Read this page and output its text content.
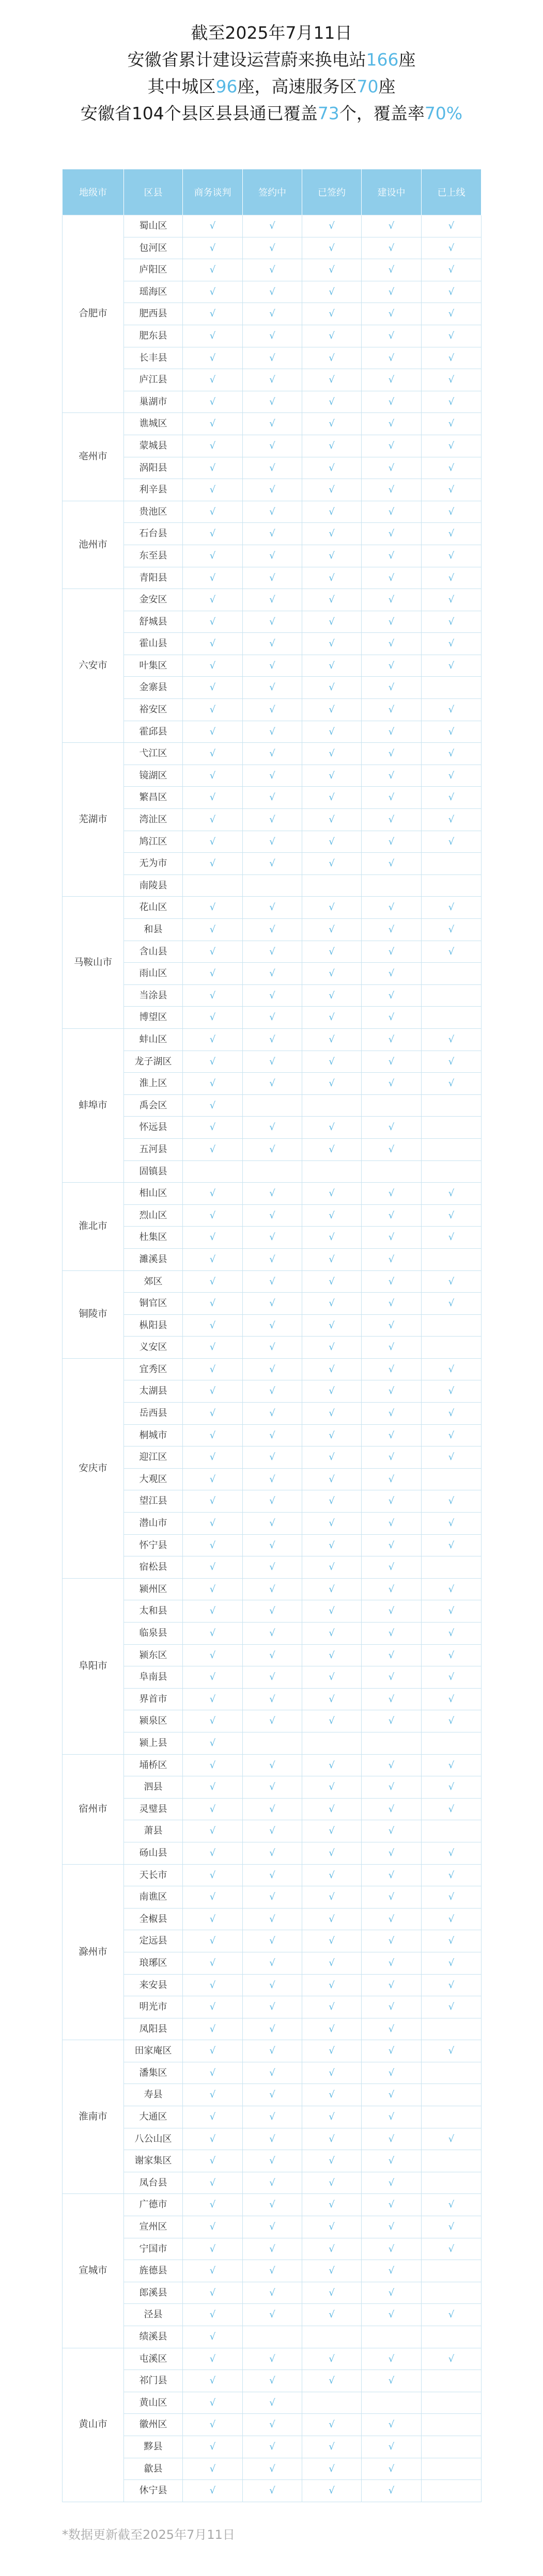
截至2025年7月11日
安徽省累计建设运营蔚来换电站166座
其中城区96座，高速服务区70座
安徽省104个县区县县通已覆盖73个，覆盖率70%
地级市	区县	商务谈判	签约中	已签约	建设中	已上线
合肥市	蜀山区	√	√	√	√	√
	包河区	√	√	√	√	√
	庐阳区	√	√	√	√	√
	瑶海区	√	√	√	√	√
	肥西县	√	√	√	√	√
	肥东县	√	√	√	√	√
	长丰县	√	√	√	√	√
	庐江县	√	√	√	√	√
	巢湖市	√	√	√	√	√
亳州市	谯城区	√	√	√	√	√
	蒙城县	√	√	√	√	√
	涡阳县	√	√	√	√	√
	利辛县	√	√	√	√	√
池州市	贵池区	√	√	√	√	√
	石台县	√	√	√	√	√
	东至县	√	√	√	√	√
	青阳县	√	√	√	√	√
六安市	金安区	√	√	√	√	√
	舒城县	√	√	√	√	√
	霍山县	√	√	√	√	√
	叶集区	√	√	√	√	√
	金寨县	√	√	√	√	
	裕安区	√	√	√	√	√
	霍邱县	√	√	√	√	√
芜湖市	弋江区	√	√	√	√	√
	镜湖区	√	√	√	√	√
	繁昌区	√	√	√	√	√
	湾沚区	√	√	√	√	√
	鸠江区	√	√	√	√	√
	无为市	√	√	√	√	
	南陵县					
马鞍山市	花山区	√	√	√	√	√
	和县	√	√	√	√	√
	含山县	√	√	√	√	√
	雨山区	√	√	√	√	
	当涂县	√	√	√	√	
	博望区	√	√	√	√	
蚌埠市	蚌山区	√	√	√	√	√
	龙子湖区	√	√	√	√	√
	淮上区	√	√	√	√	√
	禹会区	√				
	怀远县	√	√	√	√	
	五河县	√	√	√	√	
	固镇县					
淮北市	相山区	√	√	√	√	√
	烈山区	√	√	√	√	√
	杜集区	√	√	√	√	√
	濉溪县	√	√	√	√	
铜陵市	郊区	√	√	√	√	√
	铜官区	√	√	√	√	√
	枞阳县	√	√	√	√	
	义安区	√	√	√	√	
安庆市	宜秀区	√	√	√	√	√
	太湖县	√	√	√	√	√
	岳西县	√	√	√	√	√
	桐城市	√	√	√	√	√
	迎江区	√	√	√	√	√
	大观区	√	√	√	√	
	望江县	√	√	√	√	√
	潜山市	√	√	√	√	√
	怀宁县	√	√	√	√	√
	宿松县	√	√	√	√	
阜阳市	颍州区	√	√	√	√	√
	太和县	√	√	√	√	√
	临泉县	√	√	√	√	√
	颍东区	√	√	√	√	√
	阜南县	√	√	√	√	√
	界首市	√	√	√	√	√
	颍泉区	√	√	√	√	√
	颍上县	√				
宿州市	埇桥区	√	√	√	√	√
	泗县	√	√	√	√	√
	灵璧县	√	√	√	√	√
	萧县	√	√	√	√	
	砀山县	√	√	√	√	√
滁州市	天长市	√	√	√	√	√
	南谯区	√	√	√	√	√
	全椒县	√	√	√	√	√
	定远县	√	√	√	√	√
	琅琊区	√	√	√	√	√
	来安县	√	√	√	√	√
	明光市	√	√	√	√	√
	凤阳县	√	√	√	√	
淮南市	田家庵区	√	√	√	√	√
	潘集区	√	√	√	√	
	寿县	√	√	√	√	
	大通区	√	√	√	√	
	八公山区	√	√	√	√	√
	谢家集区	√	√	√	√	
	凤台县	√	√	√	√	
宣城市	广德市	√	√	√	√	√
	宣州区	√	√	√	√	√
	宁国市	√	√	√	√	√
	旌德县	√	√	√	√	
	郎溪县	√	√	√	√	
	泾县	√	√	√	√	√
	绩溪县	√				
黄山市	屯溪区	√	√	√	√	√
	祁门县	√	√	√	√	
	黄山区	√	√			
	徽州区	√	√	√	√	
	黟县	√	√	√	√	
	歙县	√	√	√	√	
	休宁县	√	√	√	√	
*数据更新截至2025年7月11日
